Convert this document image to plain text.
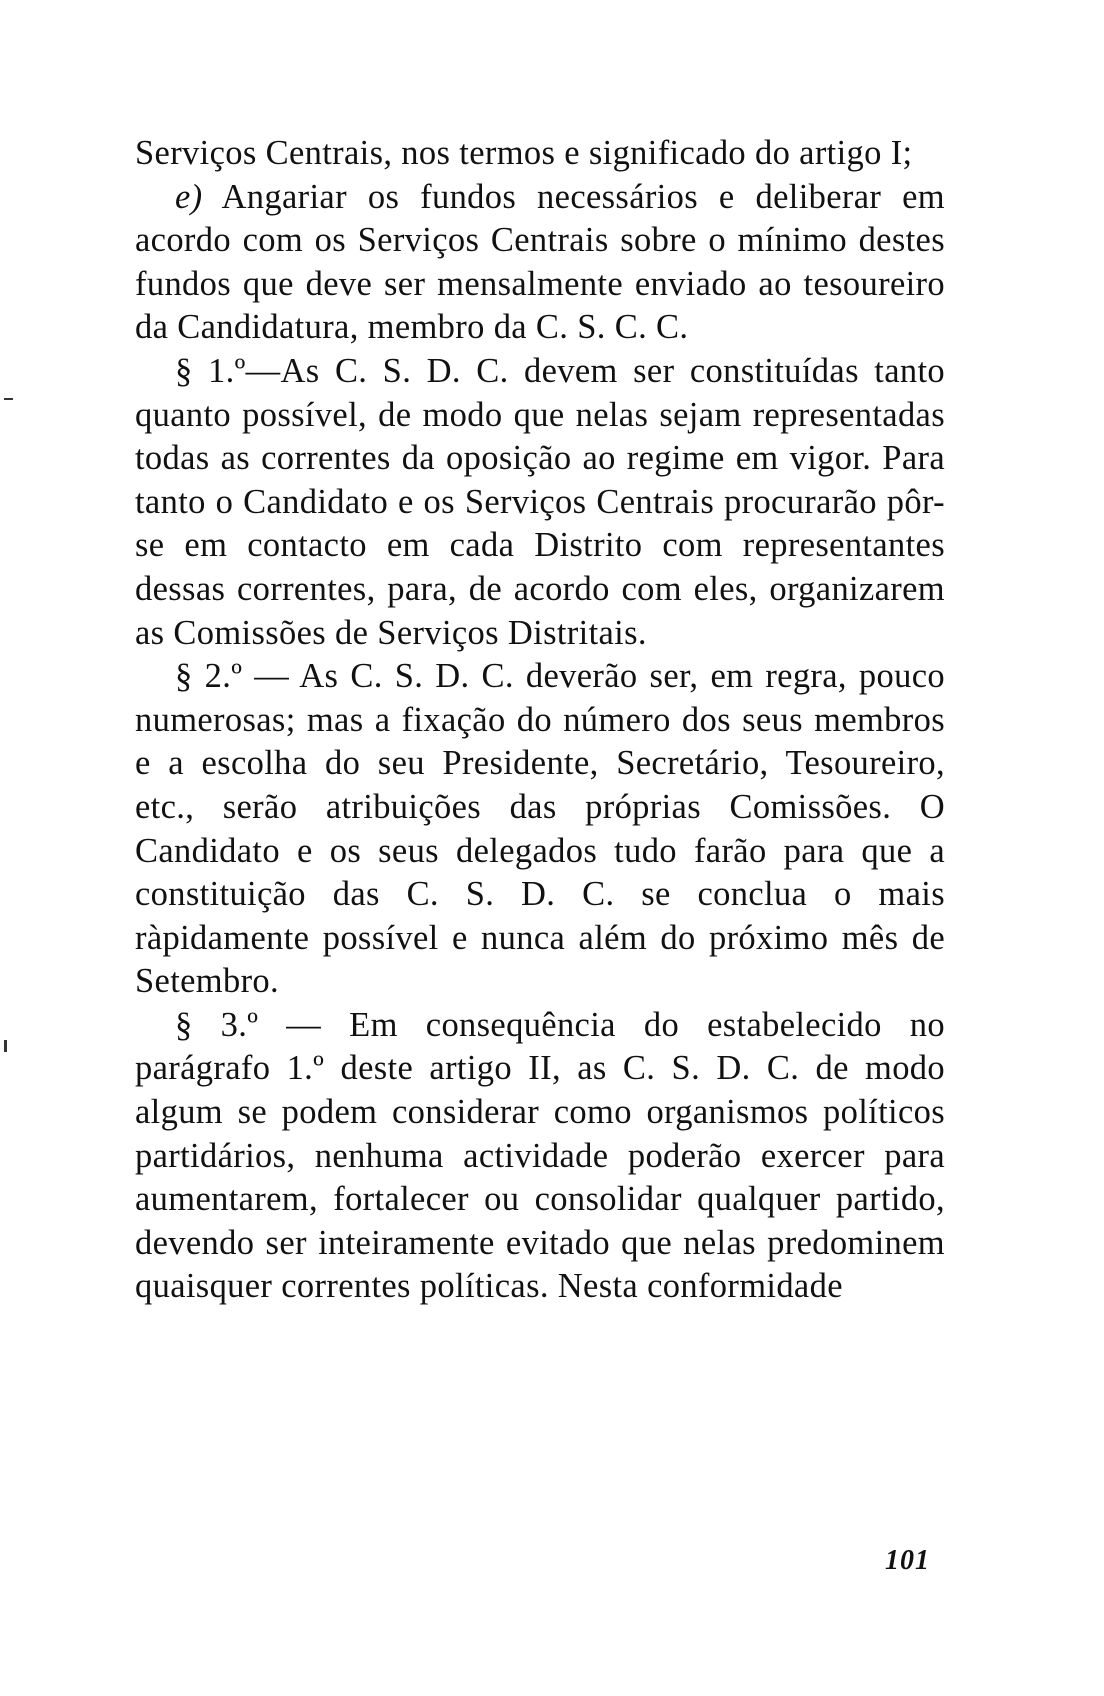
Serviços Centrais, nos termos e significado do artigo I;

e) Angariar os fundos necessários e deliberar em acordo com os Serviços Centrais sobre o mínimo destes fundos que deve ser mensalmente enviado ao tesoureiro da Candidatura, membro da C. S. C. C.

§ 1.º—As C. S. D. C. devem ser constituídas tanto quanto possível, de modo que nelas sejam representadas todas as correntes da oposição ao regime em vigor. Para tanto o Candidato e os Serviços Centrais procurarão pôr-se em contacto em cada Distrito com representantes dessas correntes, para, de acordo com eles, organizarem as Comissões de Serviços Distritais.

§ 2.º — As C. S. D. C. deverão ser, em regra, pouco numerosas; mas a fixação do número dos seus membros e a escolha do seu Presidente, Secretário, Tesoureiro, etc., serão atribuições das próprias Comissões. O Candidato e os seus delegados tudo farão para que a constituição das C. S. D. C. se conclua o mais ràpidamente possível e nunca além do próximo mês de Setembro.

§ 3.º — Em consequência do estabelecido no parágrafo 1.º deste artigo II, as C. S. D. C. de modo algum se podem considerar como organismos políticos partidários, nenhuma actividade poderão exercer para aumentarem, fortalecer ou consolidar qualquer partido, devendo ser inteiramente evitado que nelas predominem quaisquer correntes políticas. Nesta conformidade

101
